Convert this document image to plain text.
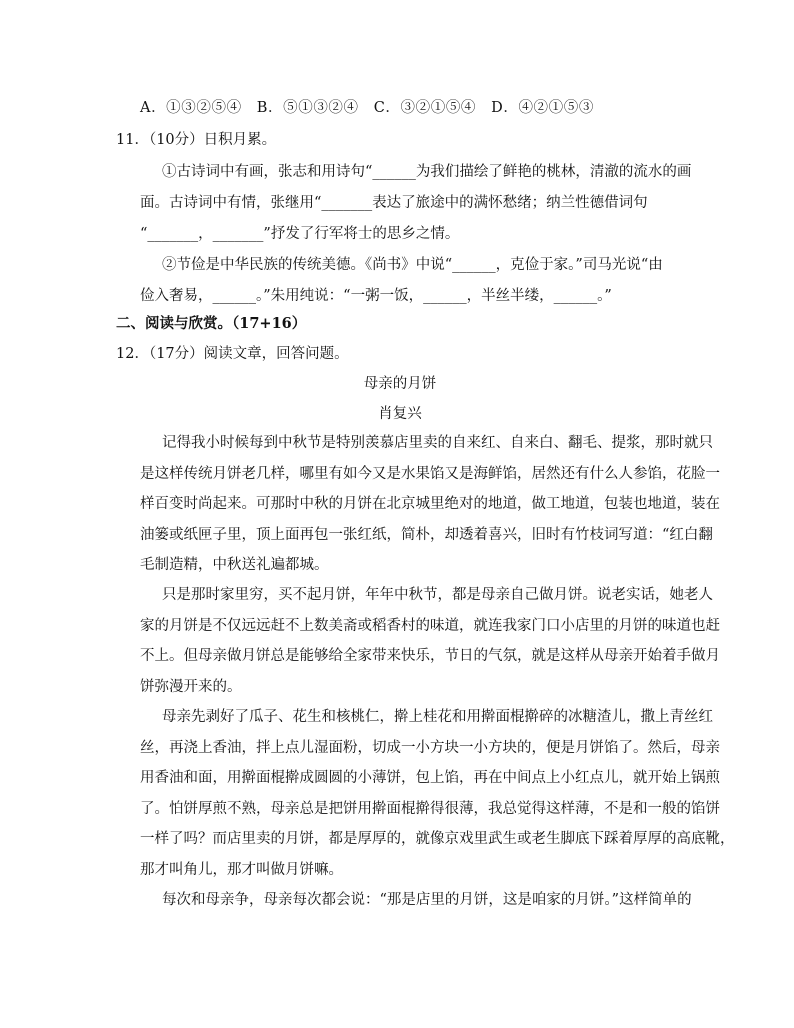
A．①③②⑤④　B．⑤①③②④　C．③②①⑤④　D．④②①⑤③
11．（10分）日积月累。
①古诗词中有画，张志和用诗句“______为我们描绘了鲜艳的桃林，清澈的流水的画
面。古诗词中有情，张继用“_______表达了旅途中的满怀愁绪；纳兰性德借词句
“_______，_______”抒发了行军将士的思乡之情。
②节俭是中华民族的传统美德。《尚书》中说“______，克俭于家。”司马光说“由
俭入奢易，______。”朱用纯说：“一粥一饭，______，半丝半缕，______。”
二、阅读与欣赏。（17+16）
12．（17分）阅读文章，回答问题。
母亲的月饼
肖复兴
记得我小时候每到中秋节是特别羡慕店里卖的自来红、自来白、翻毛、提浆，那时就只
是这样传统月饼老几样，哪里有如今又是水果馅又是海鲜馅，居然还有什么人参馅，花脸一
样百变时尚起来。可那时中秋的月饼在北京城里绝对的地道，做工地道，包装也地道，装在
油篓或纸匣子里，顶上面再包一张红纸，简朴，却透着喜兴，旧时有竹枝词写道：“红白翻
毛制造精，中秋送礼遍都城。
只是那时家里穷，买不起月饼，年年中秋节，都是母亲自己做月饼。说老实话，她老人
家的月饼是不仅远远赶不上数美斋或稻香村的味道，就连我家门口小店里的月饼的味道也赶
不上。但母亲做月饼总是能够给全家带来快乐，节日的气氛，就是这样从母亲开始着手做月
饼弥漫开来的。
母亲先剥好了瓜子、花生和核桃仁，擀上桂花和用擀面棍擀碎的冰糖渣儿，撒上青丝红
丝，再浇上香油，拌上点儿湿面粉，切成一小方块一小方块的，便是月饼馅了。然后，母亲
用香油和面，用擀面棍擀成圆圆的小薄饼，包上馅，再在中间点上小红点儿，就开始上锅煎
了。怕饼厚煎不熟，母亲总是把饼用擀面棍擀得很薄，我总觉得这样薄，不是和一般的馅饼
一样了吗？而店里卖的月饼，都是厚厚的，就像京戏里武生或老生脚底下踩着厚厚的高底靴，
那才叫角儿，那才叫做月饼嘛。
每次和母亲争，母亲每次都会说：“那是店里的月饼，这是咱家的月饼。”这样简单的
